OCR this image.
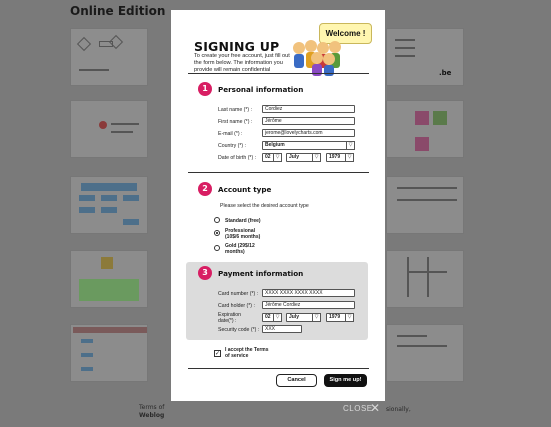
Online Edition
.be
Terms of
Weblog
sionally,
SIGNING UP
To create your free account, just fill out the form below. The information you provide will remain confidential
Welcome !
1	Personal information
Last name (*) :	Cordiez
First name (*) :	Jérôme
E-mail (*) :	jerome@lovelycharts.com
Country (*) :	Belgium	▽
Date of birth (*) :	02	▽	July	▽	1979	▽
2	Account type
Please select the desired account type
Standard (free)
Professional (10$/6 months)
Gold (29$/12 months)
3	Payment information
Card number (*) :	XXXX XXXX XXXX XXXX
Card holder (*) :	Jérôme Cordiez
Expiration date(*) :
02	▽	July	▽	1979	▽
Security code (*) :	XXX
✓ I accept the Terms of service
Cancel	Sign me up!
CLOSE
✕
